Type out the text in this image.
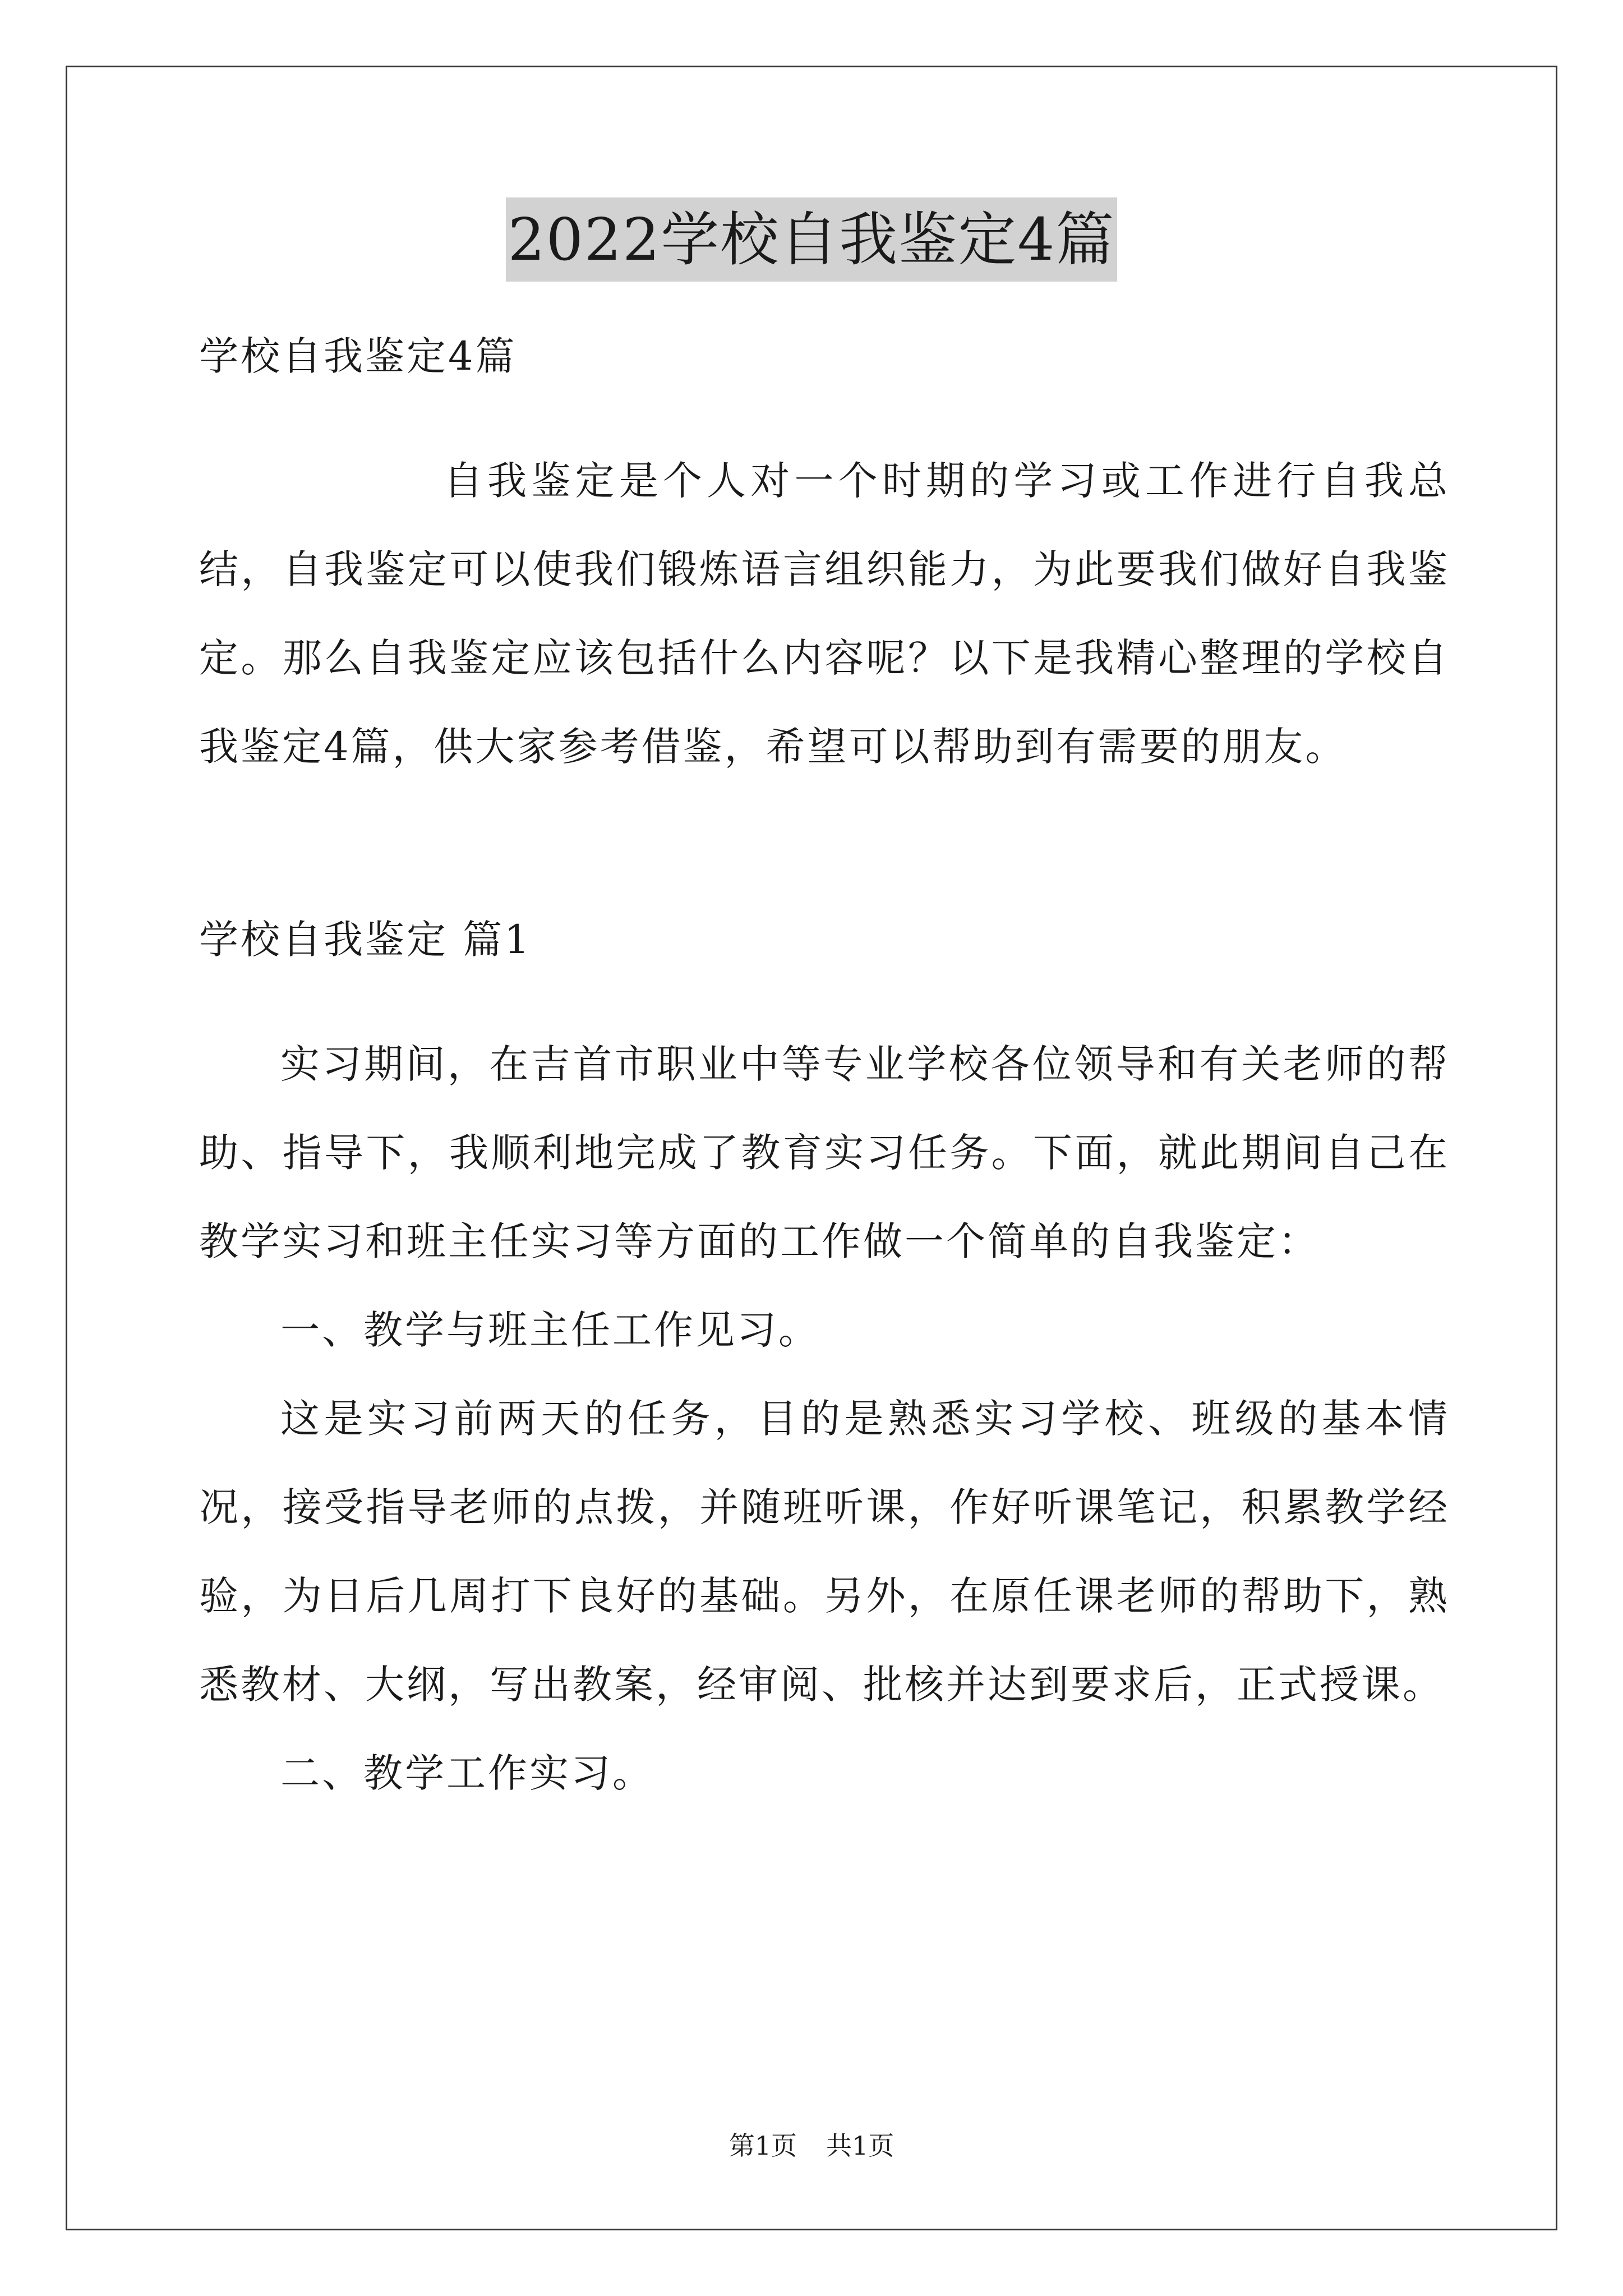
2022学校自我鉴定4篇

学校自我鉴定4篇

自我鉴定是个人对一个时期的学习或工作进行自我总结，自我鉴定可以使我们锻炼语言组织能力，为此要我们做好自我鉴定。那么自我鉴定应该包括什么内容呢？以下是我精心整理的学校自我鉴定4篇，供大家参考借鉴，希望可以帮助到有需要的朋友。

学校自我鉴定 篇1

实习期间，在吉首市职业中等专业学校各位领导和有关老师的帮助、指导下，我顺利地完成了教育实习任务。下面，就此期间自己在教学实习和班主任实习等方面的工作做一个简单的自我鉴定：

一、教学与班主任工作见习。

这是实习前两天的任务，目的是熟悉实习学校、班级的基本情况，接受指导老师的点拨，并随班听课，作好听课笔记，积累教学经验，为日后几周打下良好的基础。另外，在原任课老师的帮助下，熟悉教材、大纲，写出教案，经审阅、批核并达到要求后，正式授课。

二、教学工作实习。

第1页 共1页
